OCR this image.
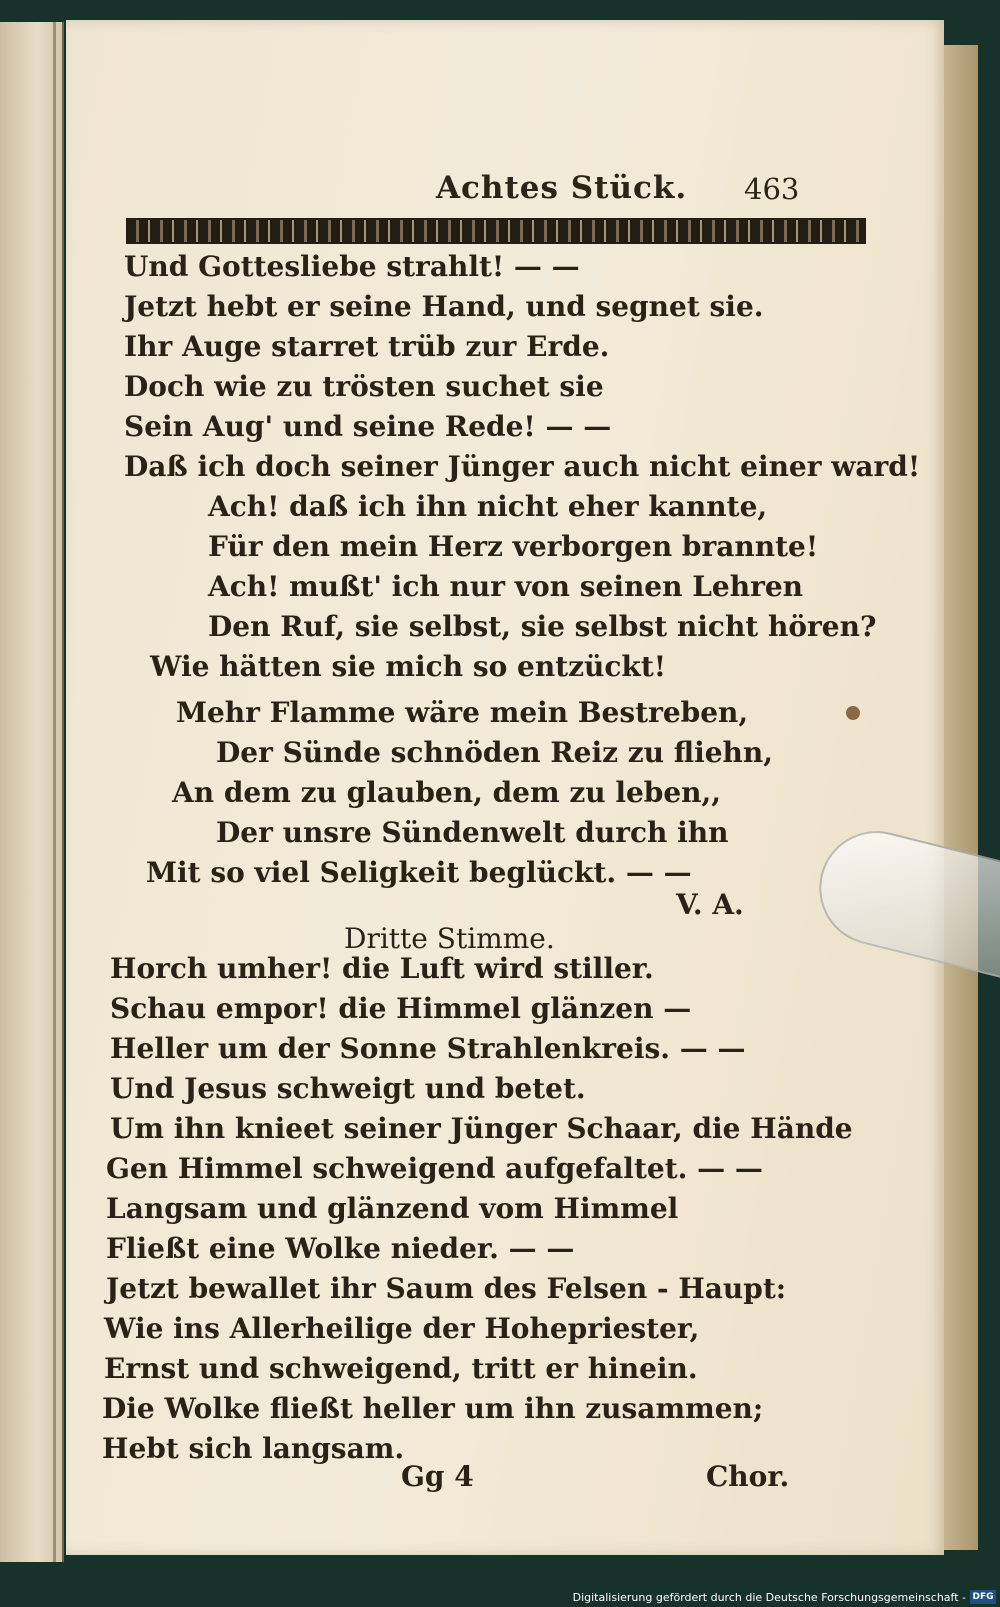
Achtes Stück. 463
Und Gottesliebe strahlt! — —
Jetzt hebt er seine Hand, und segnet sie.
Ihr Auge starret trüb zur Erde.
Doch wie zu trösten suchet sie
Sein Aug' und seine Rede! — —
Daß ich doch seiner Jünger auch nicht einer ward!
Ach! daß ich ihn nicht eher kannte,
Für den mein Herz verborgen brannte!
Ach! mußt' ich nur von seinen Lehren
Den Ruf, sie selbst, sie selbst nicht hören?
Wie hätten sie mich so entzückt!
Mehr Flamme wäre mein Bestreben,
Der Sünde schnöden Reiz zu fliehn,
An dem zu glauben, dem zu leben,,
Der unsre Sündenwelt durch ihn
Mit so viel Seligkeit beglückt. — —
V. A.
Dritte Stimme.
Horch umher! die Luft wird stiller.
Schau empor! die Himmel glänzen —
Heller um der Sonne Strahlenkreis. — —
Und Jesus schweigt und betet.
Um ihn knieet seiner Jünger Schaar, die Hände
Gen Himmel schweigend aufgefaltet. — —
Langsam und glänzend vom Himmel
Fließt eine Wolke nieder. — —
Jetzt bewallet ihr Saum des Felsen - Haupt:
Wie ins Allerheilige der Hohepriester,
Ernst und schweigend, tritt er hinein.
Die Wolke fließt heller um ihn zusammen;
Hebt sich langsam.
Gg 4	Chor.
Digitalisierung gefördert durch die Deutsche Forschungsgemeinschaft - DFG
